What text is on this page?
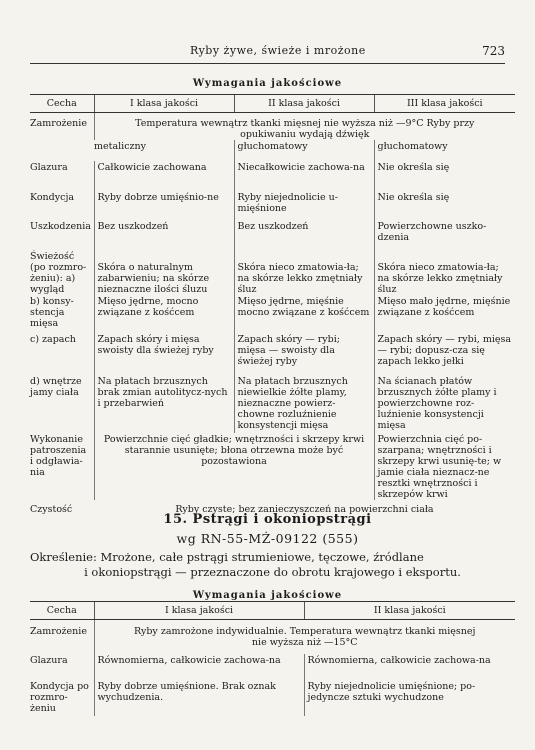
Ryby żywe, świeże i mrożone	723
Wymagania jakościowe
Cecha	I klasa jakości	II klasa jakości	III klasa jakości
Zamrożenie	Temperatura wewnątrz tkanki mięsnej nie wyższa niż —9°C Ryby przy
opukiwaniu wydają dźwięk		

	metaliczny	głuchomatowy	głuchomatowy
Glazura	Całkowicie zachowana	Niecałkowicie zachowa-na	Nie określa się
Kondycja	Ryby dobrze umięśnio-ne	Ryby niejednolicie u-mięśnione	Nie określa się
Uszkodzenia	Bez uszkodzeń	Bez uszkodzeń	Powierzchowne uszko-dzenia
Świeżość (po rozmro-żeniu): a) wygląd	Skóra o naturalnym zabarwieniu; na skórze nieznaczne ilości śluzu	Skóra nieco zmatowia-ła; na skórze lekko zmętniały śluz	Skóra nieco zmatowia-ła; na skórze lekko zmętniały śluz
b) konsy-stencja mięsa	Mięso jędrne, mocno związane z kośćcem	Mięso jędrne, mięśnie mocno związane z kośćcem	Mięso mało jędrne, mięśnie związane z kośćcem
c) zapach	Zapach skóry i mięsa swoisty dla świeżej ryby	Zapach skóry — rybi; mięsa — swoisty dla świeżej ryby	Zapach skóry — rybi, mięsa — rybi; dopusz-cza się zapach lekko jełki
d) wnętrze jamy ciała	Na płatach brzusznych brak zmian autolitycz-nych i przebarwień	Na płatach brzusznych niewielkie żółte plamy, nieznaczne powierz-chowne rozluźnienie konsystencji mięsa	Na ścianach płatów brzusznych żółte plamy i powierzchowne roz-luźnienie konsystencji mięsa
Wykonanie patroszenia i odgławia-nia	Powierzchnie cięć gładkie; wnętrzności i skrzepy krwi starannie usunięte; błona otrzewna może być pozostawiona		Powierzchnia cięć po-szarpana; wnętrzności i skrzepy krwi usunię-te; w jamie ciała nieznacz-ne resztki wnętrzności i skrzepów krwi
Czystość	Ryby czyste; bez zanieczyszczeń na powierzchni ciała		
15. Pstrągi i okoniopstrągi
wg RN-55-MŻ-09122 (555)
Określenie: Mrożone, całe pstrągi strumieniowe, tęczowe, źródlane
i okoniopstrągi — przeznaczone do obrotu krajowego i eksportu.
Wymagania jakościowe
Cecha	I klasa jakości	II klasa jakości
Zamrożenie	Ryby zamrożone indywidualnie. Temperatura wewnątrz tkanki mięsnej
nie wyższa niż —15°C	

Glazura	Równomierna, całkowicie zachowa-na	Równomierna, całkowicie zachowa-na
Kondycja po rozmro-żeniu	Ryby dobrze umięśnione. Brak oznak wychudzenia.	Ryby niejednolicie umięśnione; po-jedyncze sztuki wychudzone
